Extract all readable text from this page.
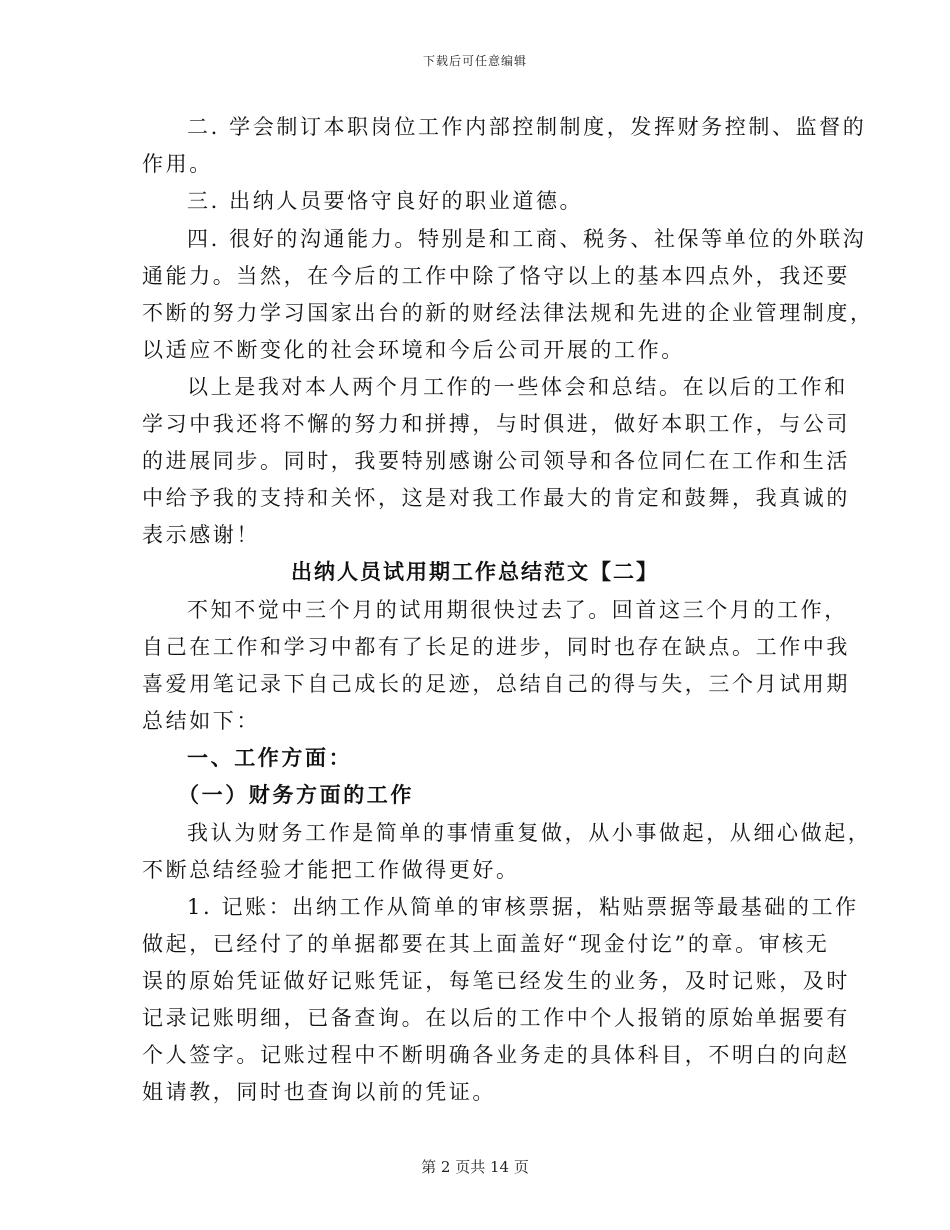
下载后可任意编辑
二. 学会制订本职岗位工作内部控制制度，发挥财务控制、监督的
作用。
三. 出纳人员要恪守良好的职业道德。
四. 很好的沟通能力。特别是和工商、税务、社保等单位的外联沟
通能力。当然，在今后的工作中除了恪守以上的基本四点外，我还要
不断的努力学习国家出台的新的财经法律法规和先进的企业管理制度，
以适应不断变化的社会环境和今后公司开展的工作。
以上是我对本人两个月工作的一些体会和总结。在以后的工作和
学习中我还将不懈的努力和拼搏，与时俱进，做好本职工作，与公司
的进展同步。同时，我要特别感谢公司领导和各位同仁在工作和生活
中给予我的支持和关怀，这是对我工作最大的肯定和鼓舞，我真诚的
表示感谢！
出纳人员试用期工作总结范文【二】
不知不觉中三个月的试用期很快过去了。回首这三个月的工作，
自己在工作和学习中都有了长足的进步，同时也存在缺点。工作中我
喜爱用笔记录下自己成长的足迹，总结自己的得与失，三个月试用期
总结如下：
一、工作方面：
（一）财务方面的工作
我认为财务工作是简单的事情重复做，从小事做起，从细心做起，
不断总结经验才能把工作做得更好。
1. 记账：出纳工作从简单的审核票据，粘贴票据等最基础的工作
做起，已经付了的单据都要在其上面盖好“现金付讫”的章。审核无
误的原始凭证做好记账凭证，每笔已经发生的业务，及时记账，及时
记录记账明细，已备查询。在以后的工作中个人报销的原始单据要有
个人签字。记账过程中不断明确各业务走的具体科目，不明白的向赵
姐请教，同时也查询以前的凭证。
第 2 页共 14 页
